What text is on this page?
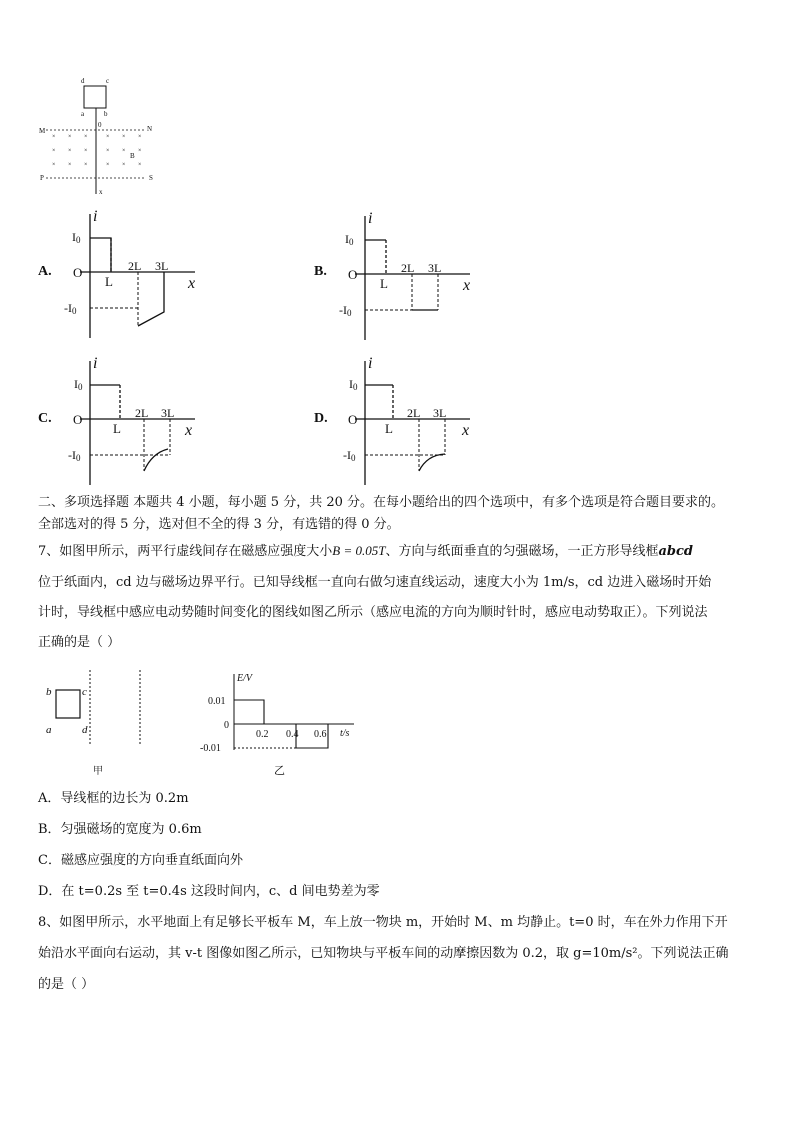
d	c
a	b
0
M	N
P	S
B
x
× × ×	× × ×
× × ×	× × ×
× × ×	× × ×
A.
i
x
O
I0
-I0
L
2L 3L	B.
i
x
O
I0
-I0
L
2L 3L
C.
i
x
O
I0
-I0
L
2L 3L	D.
i
x
O
I0
-I0
L
2L 3L
二、多项选择题 本题共 4 小题，每小题 5 分，共 20 分。在每小题给出的四个选项中，有多个选项是符合题目要求的。
全部选对的得 5 分，选对但不全的得 3 分，有选错的得 0 分。
7、如图甲所示，两平行虚线间存在磁感应强度大小B = 0.05T、方向与纸面垂直的匀强磁场，一正方形导线框abcd
位于纸面内，cd 边与磁场边界平行。已知导线框一直向右做匀速直线运动，速度大小为 1m/s，cd 边进入磁场时开始
计时，导线框中感应电动势随时间变化的图线如图乙所示（感应电流的方向为顺时针时，感应电动势取正）。下列说法
正确的是（ ）
b	c
a	d
甲
E/V
t/s
0.01
0
-0.01
0.2 0.4 0.6
乙
A．导线框的边长为 0.2m
B．匀强磁场的宽度为 0.6m
C．磁感应强度的方向垂直纸面向外
D．在 t=0.2s 至 t=0.4s 这段时间内，c、d 间电势差为零
8、如图甲所示，水平地面上有足够长平板车 M，车上放一物块 m，开始时 M、m 均静止。t=0 时，车在外力作用下开
始沿水平面向右运动，其 v-t 图像如图乙所示，已知物块与平板车间的动摩擦因数为 0.2，取 g=10m/s²。下列说法正确
的是（ ）
